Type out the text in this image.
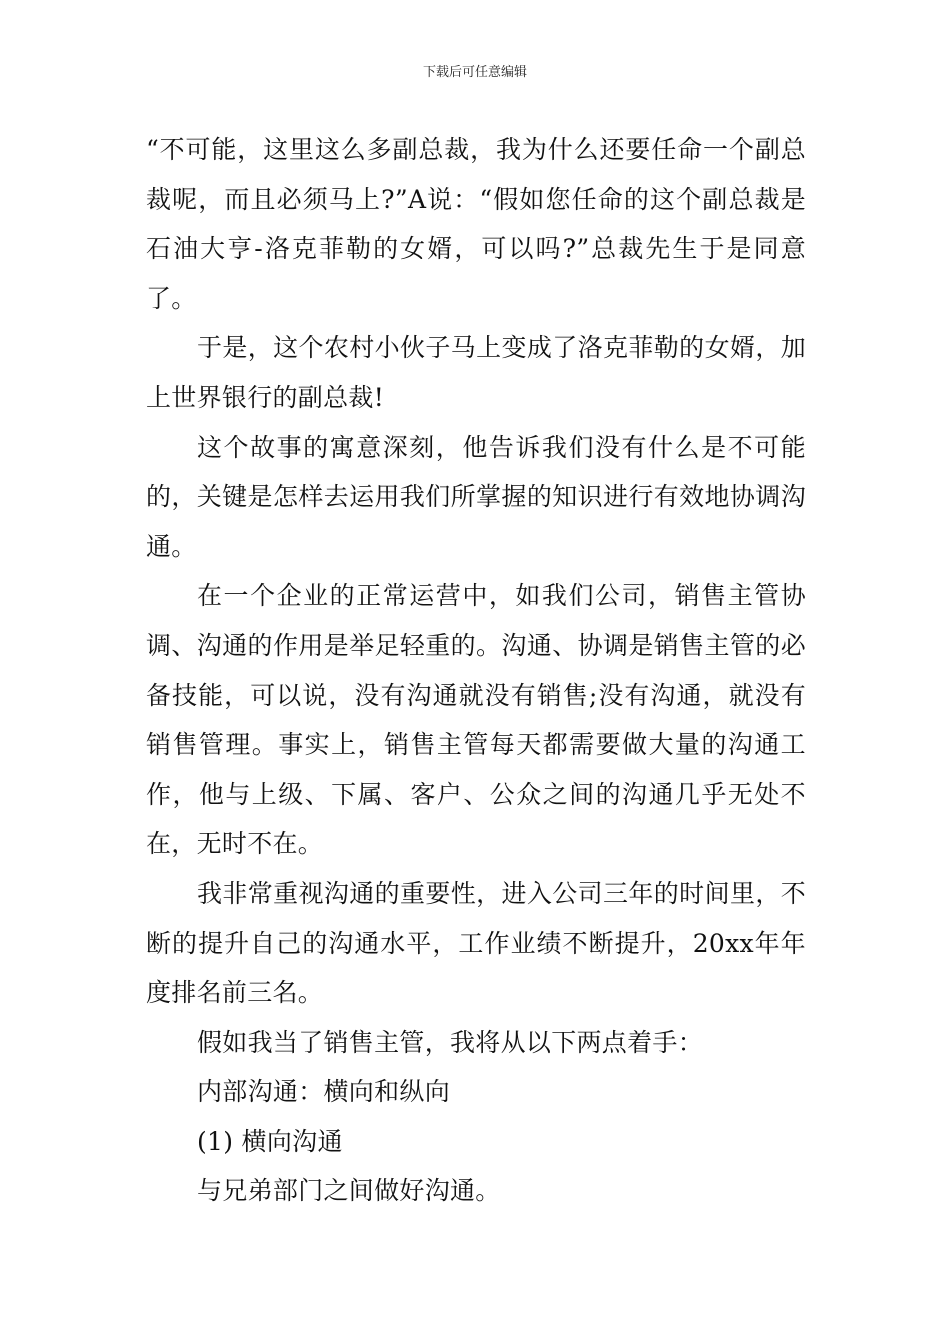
下载后可任意编辑

“不可能，这里这么多副总裁，我为什么还要任命一个副总裁呢，而且必须马上?”A说：“假如您任命的这个副总裁是石油大亨-洛克菲勒的女婿，可以吗?”总裁先生于是同意了。

于是，这个农村小伙子马上变成了洛克菲勒的女婿，加上世界银行的副总裁!

这个故事的寓意深刻，他告诉我们没有什么是不可能的，关键是怎样去运用我们所掌握的知识进行有效地协调沟通。

在一个企业的正常运营中，如我们公司，销售主管协调、沟通的作用是举足轻重的。沟通、协调是销售主管的必备技能，可以说，没有沟通就没有销售;没有沟通，就没有销售管理。事实上，销售主管每天都需要做大量的沟通工作，他与上级、下属、客户、公众之间的沟通几乎无处不在，无时不在。

我非常重视沟通的重要性，进入公司三年的时间里，不断的提升自己的沟通水平，工作业绩不断提升，20xx年年度排名前三名。

假如我当了销售主管，我将从以下两点着手：

内部沟通：横向和纵向

(1) 横向沟通

与兄弟部门之间做好沟通。
